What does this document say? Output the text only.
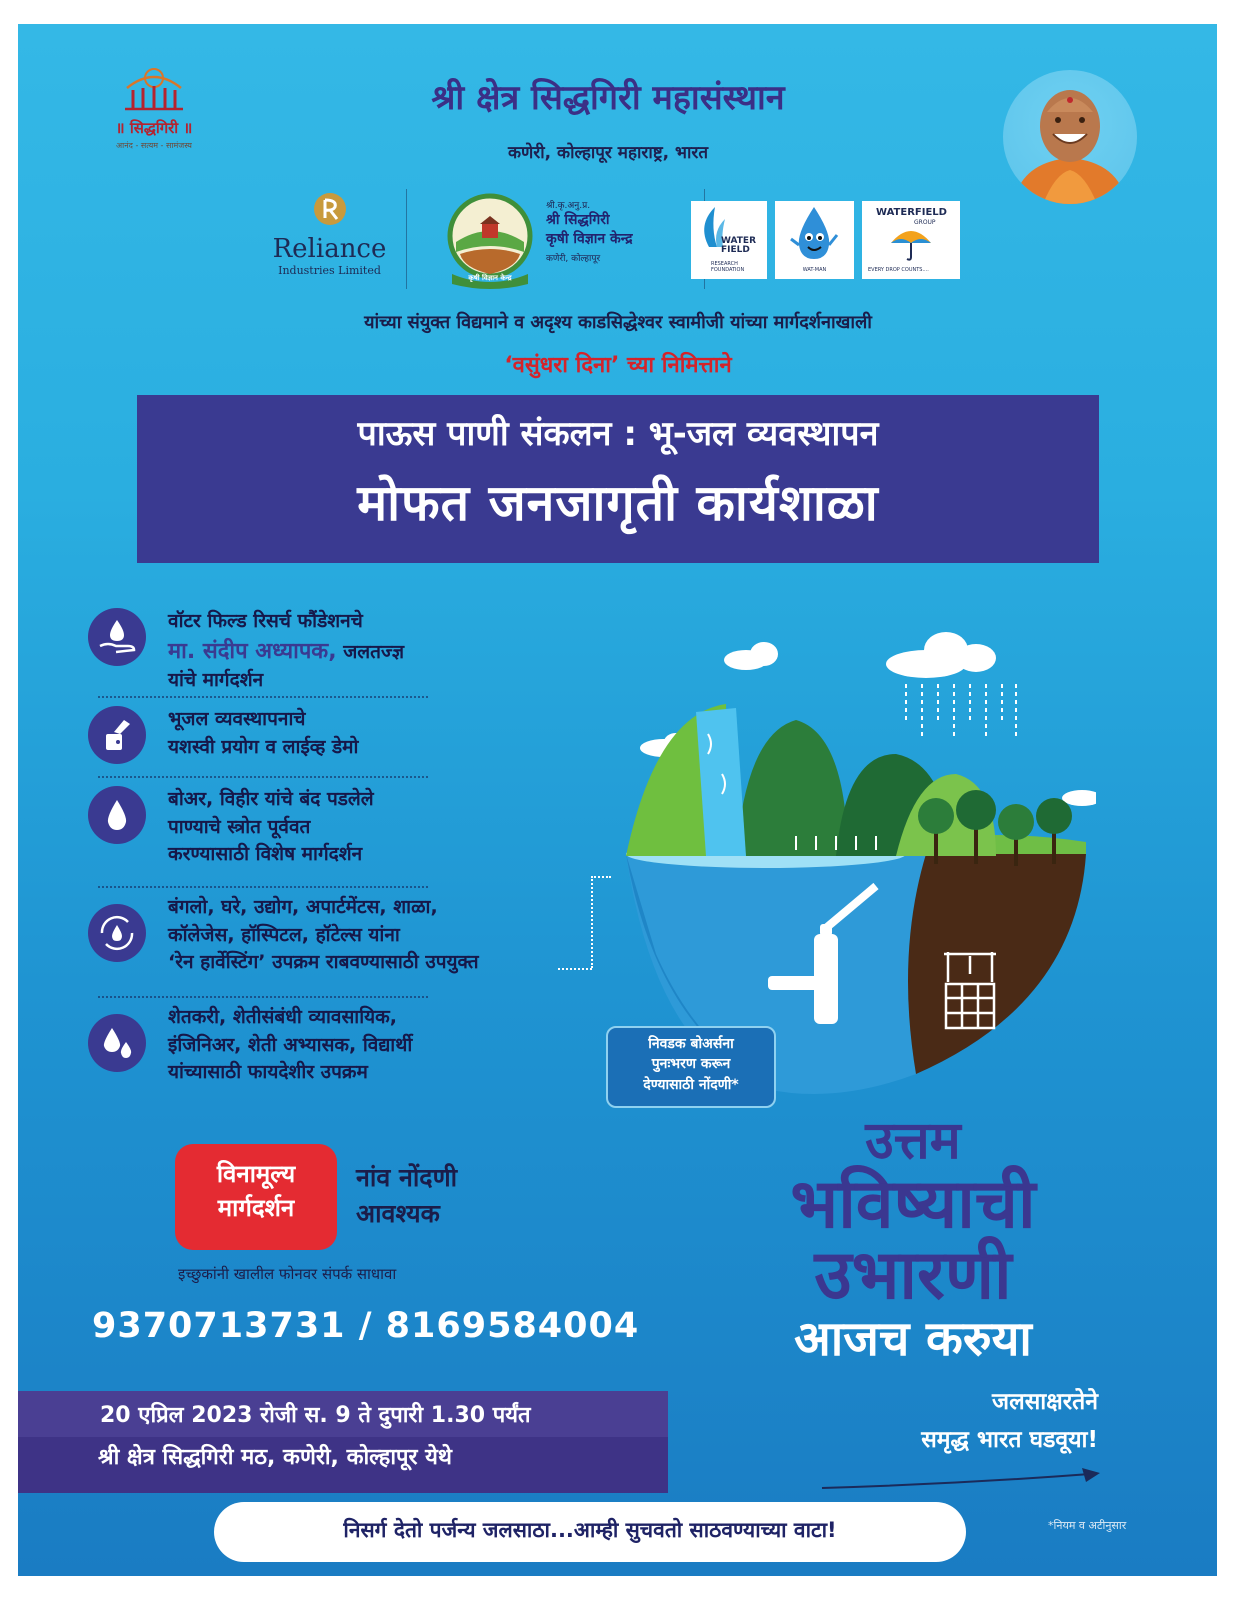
॥ सिद्धगिरी ॥
आनंद - सत्यम - सामंजस्य
श्री क्षेत्र सिद्धगिरी महासंस्थान
कणेरी, कोल्हापूर महाराष्ट्र, भारत
Reliance
Industries Limited
कृषी विज्ञान केन्द्र
श्री.कृ.अनु.प्र.
श्री सिद्धगिरी
कृषी विज्ञान केन्द्र
कणेरी, कोल्हापूर
WATER FIELD
RESEARCH FOUNDATION	WAT-MAN
WATERFIELD
GROUP
EVERY DROP COUNTS....
यांच्या संयुक्त विद्यमाने व अदृश्य काडसिद्धेश्वर स्वामीजी यांच्या मार्गदर्शनाखाली
‘वसुंधरा दिना’ च्या निमित्ताने
पाऊस पाणी संकलन : भू-जल व्यवस्थापन
मोफत जनजागृती कार्यशाळा
वॉटर फिल्ड रिसर्च फौंडेशनचे
मा. संदीप अध्यापक, जलतज्ज्ञ
यांचे मार्गदर्शन
भूजल व्यवस्थापनाचे
यशस्वी प्रयोग व लाईव्ह डेमो
बोअर, विहीर यांचे बंद पडलेले
पाण्याचे स्त्रोत पूर्ववत
करण्यासाठी विशेष मार्गदर्शन
बंगलो, घरे, उद्योग, अपार्टमेंटस, शाळा,
कॉलेजेस, हॉस्पिटल, हॉटेल्स यांना
‘रेन हार्वेस्टिंग’ उपक्रम राबवण्यासाठी उपयुक्त
शेतकरी, शेतीसंबंधी व्यावसायिक,
इंजिनिअर, शेती अभ्यासक, विद्यार्थी
यांच्यासाठी फायदेशीर उपक्रम
निवडक बोअर्सना
पुनःभरण करून
देण्यासाठी नोंदणी*
विनामूल्य
मार्गदर्शन
नांव नोंदणी
आवश्यक
इच्छुकांनी खालील फोनवर संपर्क साधावा
9370713731 / 8169584004
20 एप्रिल 2023 रोजी स. 9 ते दुपारी 1.30 पर्यंत
श्री क्षेत्र सिद्धगिरी मठ, कणेरी, कोल्हापूर येथे
उत्तम
भविष्याची
उभारणी
आजच करुया
जलसाक्षरतेने
समृद्ध भारत घडवूया!
निसर्ग देतो पर्जन्य जलसाठा...आम्ही सुचवतो साठवण्याच्या वाटा!	*नियम व अटीनुसार
